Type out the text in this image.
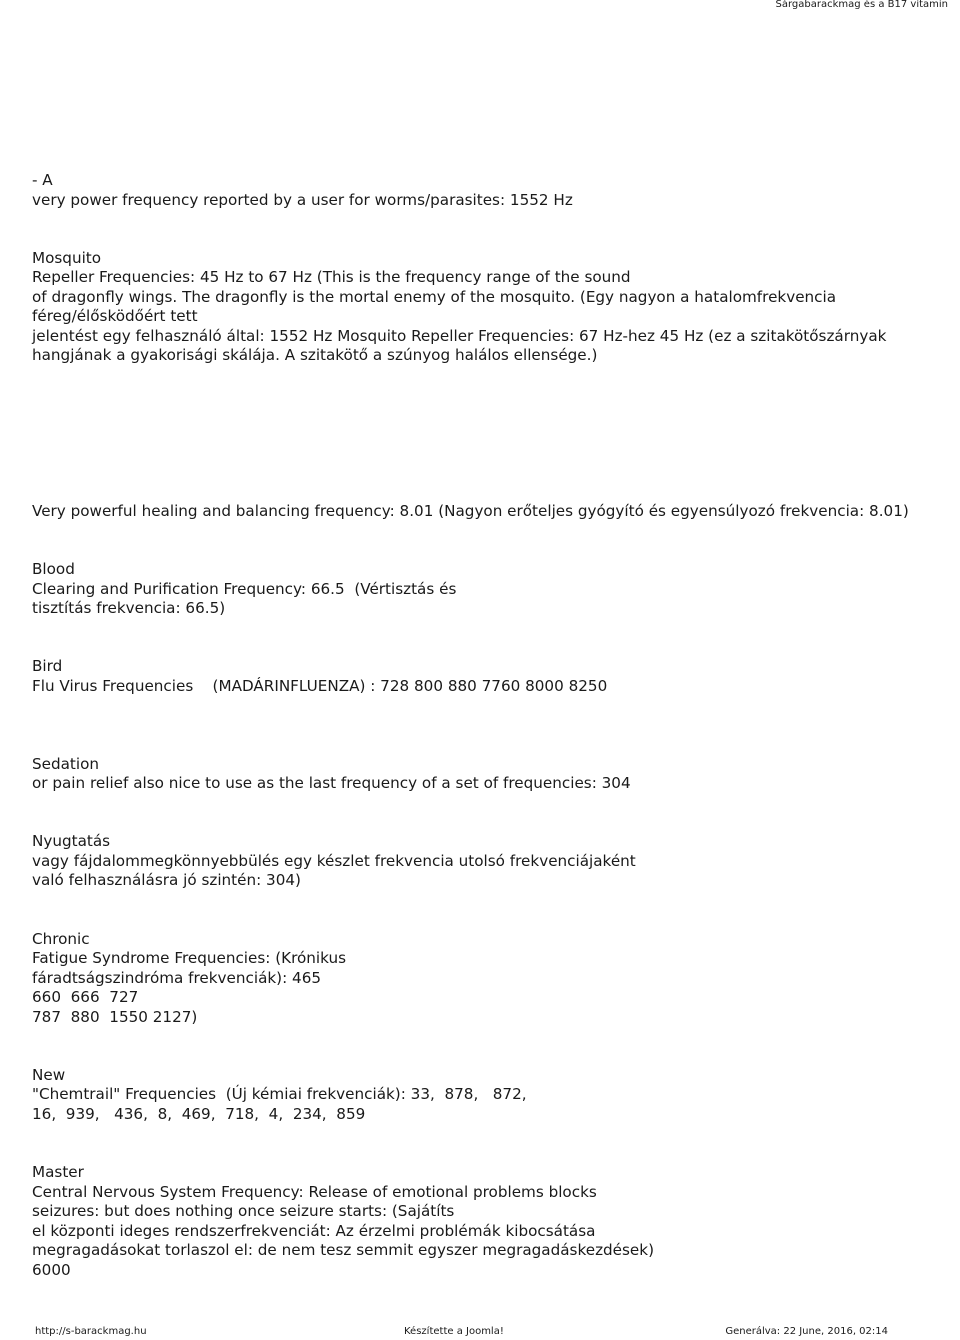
Sárgabarackmag és a B17 vitamin
- A
very power frequency reported by a user for worms/parasites: 1552 Hz
Mosquito
Repeller Frequencies: 45 Hz to 67 Hz (This is the frequency range of the sound
of dragonfly wings. The dragonfly is the mortal enemy of the mosquito. (Egy nagyon a hatalomfrekvencia
féreg/élősködőért tett
jelentést egy felhasználó által: 1552 Hz Mosquito Repeller Frequencies: 67 Hz-hez 45 Hz (ez a szitakötőszárnyak
hangjának a gyakorisági skálája. A szitakötő a szúnyog halálos ellensége.)
Very powerful healing and balancing frequency: 8.01 (Nagyon erőteljes gyógyító és egyensúlyozó frekvencia: 8.01)
Blood
Clearing and Purification Frequency: 66.5  (Vértisztás és
tisztítás frekvencia: 66.5)
Bird
Flu Virus Frequencies    (MADÁRINFLUENZA) : 728 800 880 7760 8000 8250
Sedation
or pain relief also nice to use as the last frequency of a set of frequencies: 304
Nyugtatás
vagy fájdalommegkönnyebbülés egy készlet frekvencia utolsó frekvenciájaként
való felhasználásra jó szintén: 304)
Chronic
Fatigue Syndrome Frequencies: (Krónikus
fáradtságszindróma frekvenciák): 465
660  666  727
787  880  1550 2127)
New
"Chemtrail" Frequencies  (Új kémiai frekvenciák): 33,  878,   872,
16,  939,   436,  8,  469,  718,  4,  234,  859
Master
Central Nervous System Frequency: Release of emotional problems blocks
seizures: but does nothing once seizure starts: (Sajátíts
el központi ideges rendszerfrekvenciát: Az érzelmi problémák kibocsátása
megragadásokat torlaszol el: de nem tesz semmit egyszer megragadáskezdések)
6000
http://s-barackmag.hu	Készítette a Joomla!	Generálva: 22 June, 2016, 02:14
